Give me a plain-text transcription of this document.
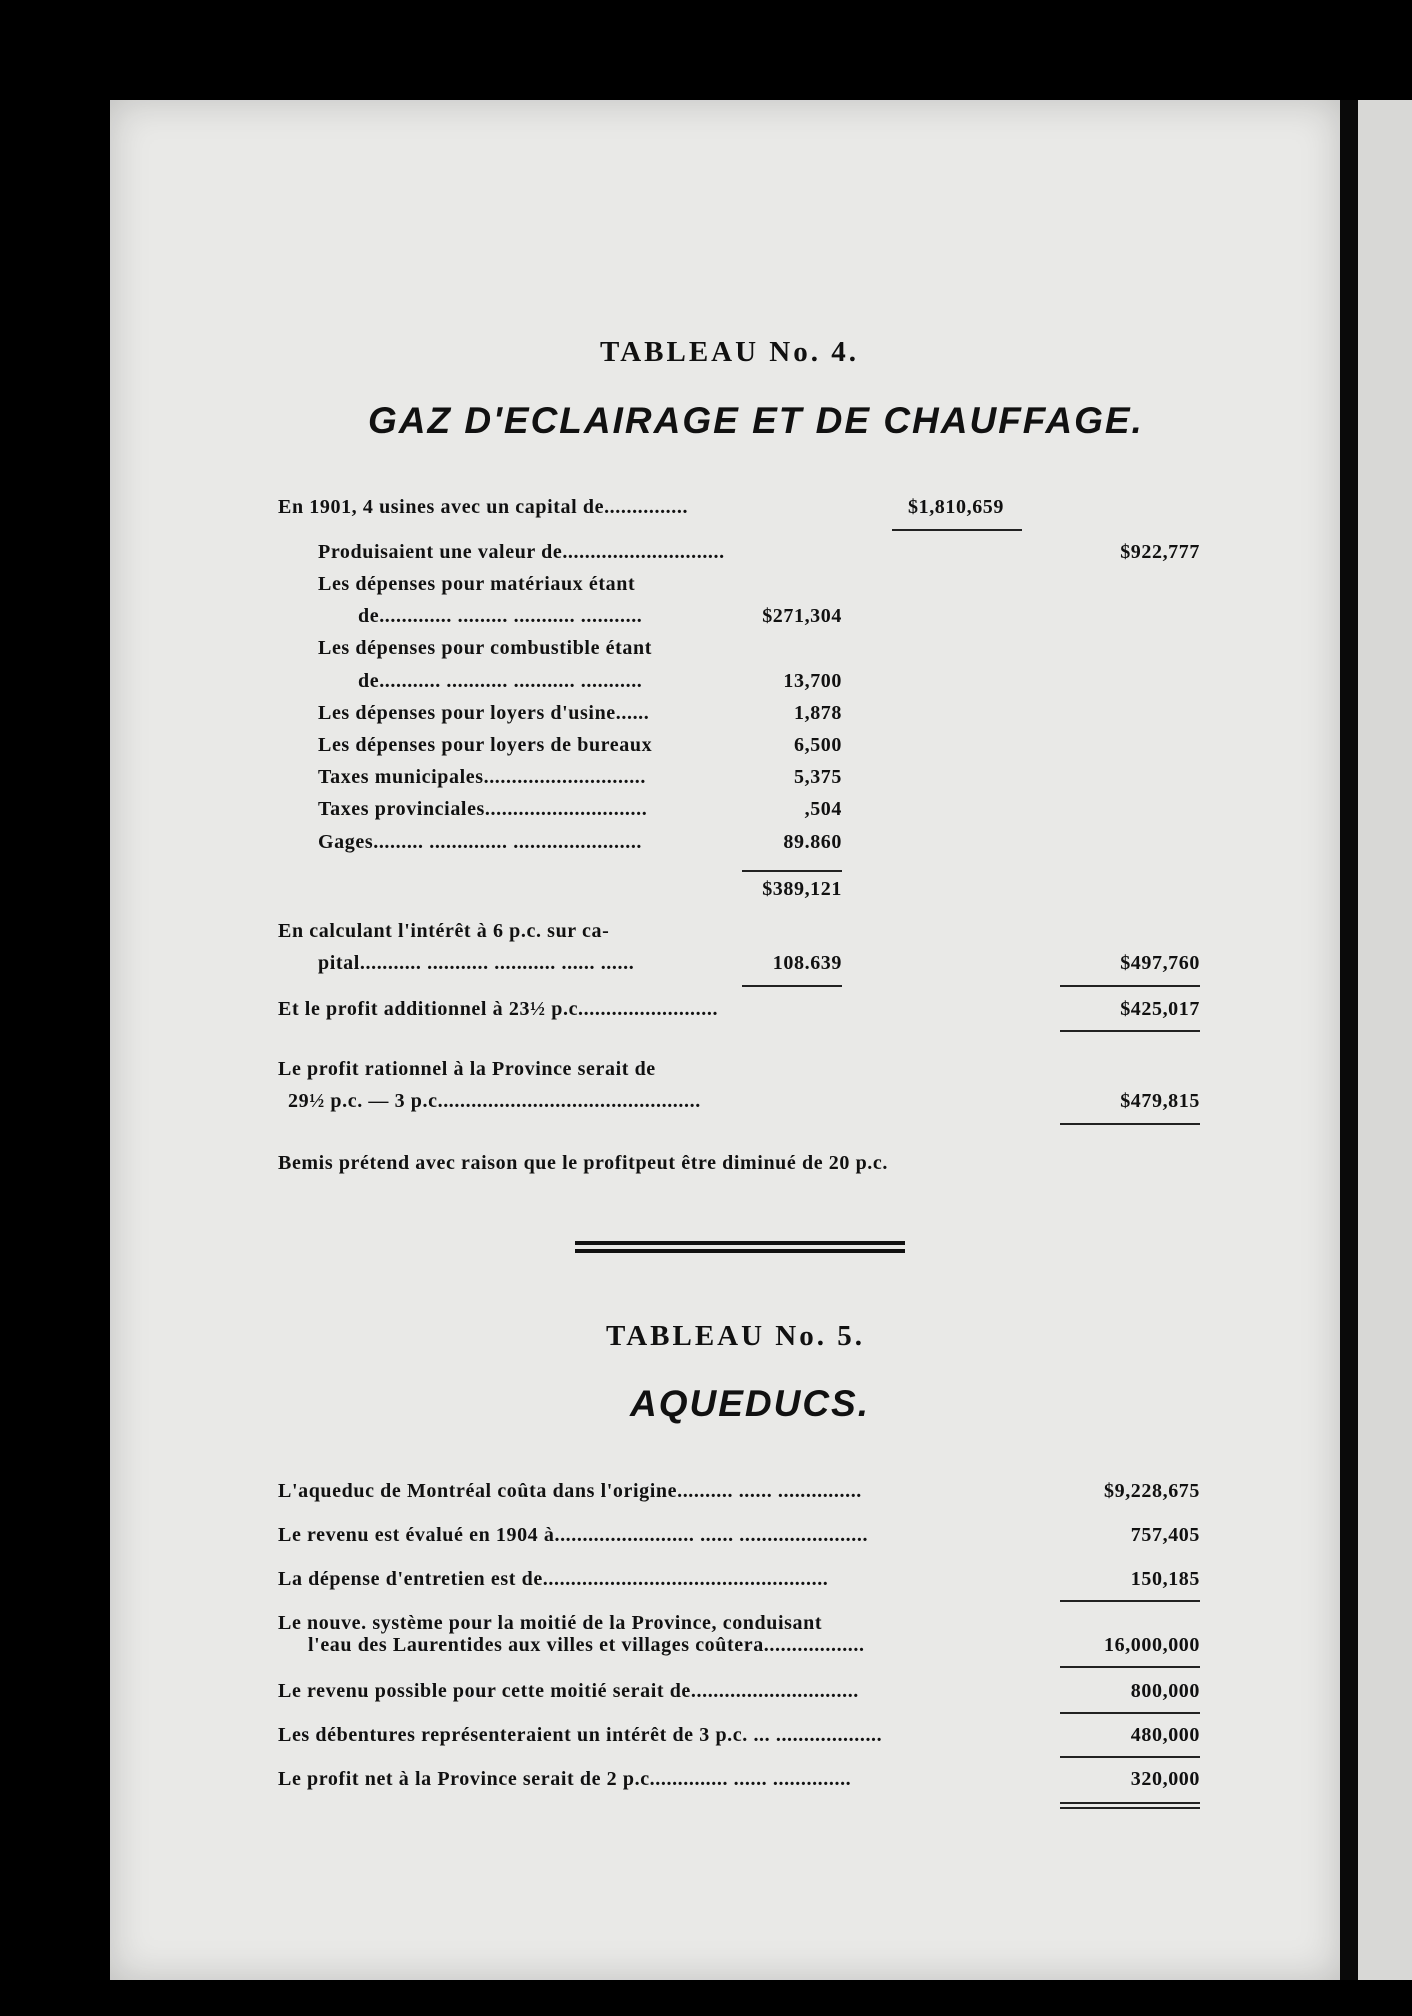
TABLEAU No. 4.
GAZ D'ECLAIRAGE ET DE CHAUFFAGE.
En 1901, 4 usines avec un capital de...............	$1,810,659
Produisaient une valeur de.............................	$922,777
Les dépenses pour matériaux étant
de............. ......... ........... ...........	$271,304
Les dépenses pour combustible étant
de........... ........... ........... ...........	13,700
Les dépenses pour loyers d'usine......	1,878
Les dépenses pour loyers de bureaux	6,500
Taxes municipales.............................	5,375
Taxes provinciales.............................	,504
Gages......... .............. .......................	89.860
$389,121
En calculant l'intérêt à 6 p.c. sur ca-
pital........... ........... ........... ...... ......	108.639	$497,760
Et le profit additionnel à 23½ p.c.........................	$425,017
Le profit rationnel à la Province serait de
29½ p.c. — 3 p.c...............................................	$479,815
Bemis prétend avec raison que le profitpeut être diminué de 20 p.c.
TABLEAU No. 5.
AQUEDUCS.
L'aqueduc de Montréal coûta dans l'origine.......... ...... ...............	$9,228,675
Le revenu est évalué en 1904 à......................... ...... .......................	757,405
La dépense d'entretien est de...................................................	150,185
Le nouve. système pour la moitié de la Province, conduisant
l'eau des Laurentides aux villes et villages coûtera..................	16,000,000
Le revenu possible pour cette moitié serait de..............................	800,000
Les débentures représenteraient un intérêt de 3 p.c. ... ...................	480,000
Le profit net à la Province serait de 2 p.c.............. ...... ..............	320,000
